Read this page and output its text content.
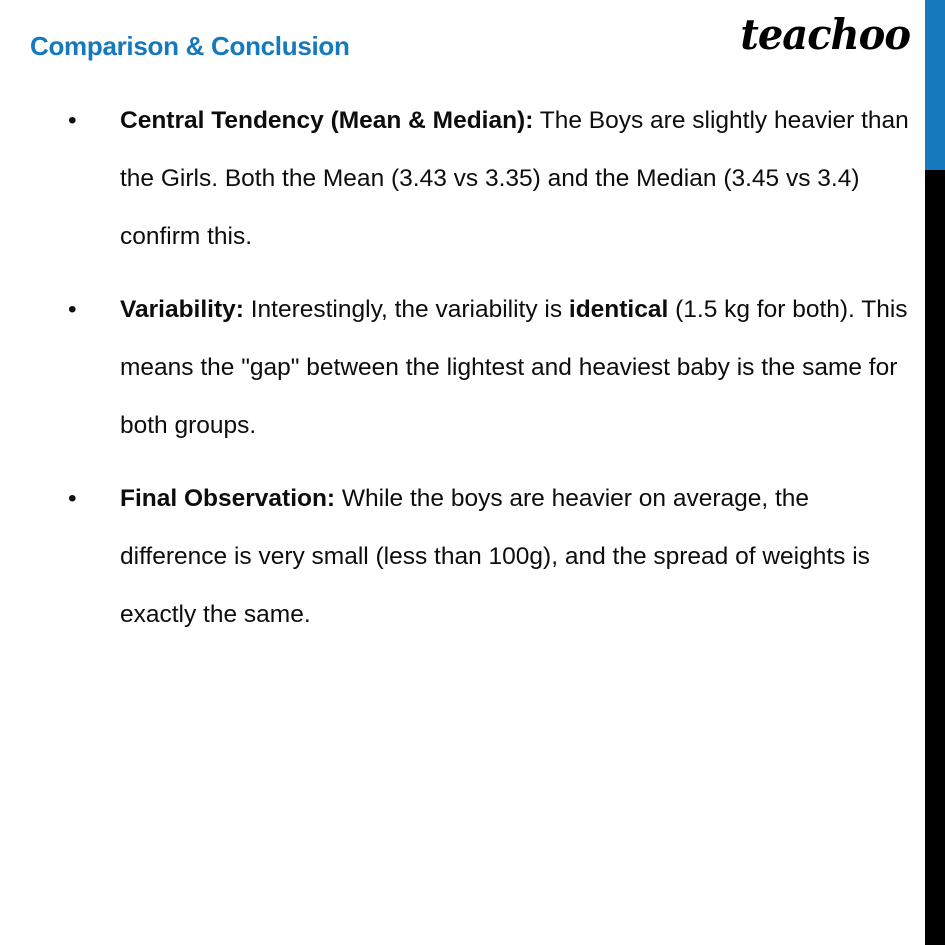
Comparison & Conclusion	teachoo
• Central Tendency (Mean & Median): The Boys are slightly heavier than the Girls. Both the Mean (3.43 vs 3.35) and the Median (3.45 vs 3.4) confirm this.
• Variability: Interestingly, the variability is identical (1.5 kg for both). This means the "gap" between the lightest and heaviest baby is the same for both groups.
• Final Observation: While the boys are heavier on average, the difference is very small (less than 100g), and the spread of weights is exactly the same.
